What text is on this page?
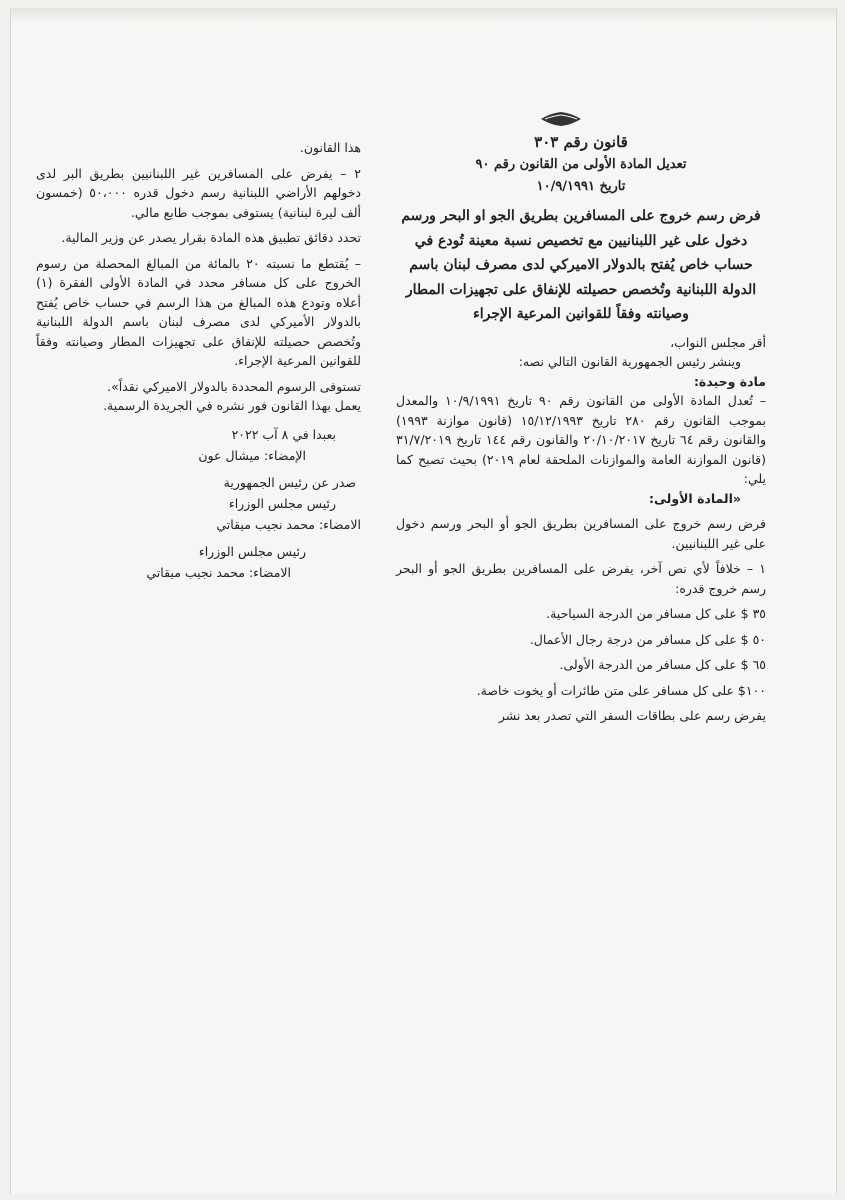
قانون رقم ٣٠٣
تعديل المادة الأولى من القانون رقم ٩٠
تاريخ ١٠/٩/١٩٩١
فرض رسم خروج على المسافرين بطريق الجو او البحر ورسم دخول على غير اللبنانيين مع تخصيص نسبة معينة تُودع في حساب خاص يُفتح بالدولار الاميركي لدى مصرف لبنان باسم الدولة اللبنانية وتُخصص حصيلته للإنفاق على تجهيزات المطار وصيانته وفقاً للقوانين المرعية الإجراء
أقر مجلس النواب،
وينشر رئيس الجمهورية القانون التالي نصه:
مادة وحيدة:
– تُعدل المادة الأولى من القانون رقم ٩٠ تاريخ ١٠/٩/١٩٩١ والمعدل بموجب القانون رقم ٢٨٠ تاريخ ١٥/١٢/١٩٩٣ (قانون موازنة ١٩٩٣) والقانون رقم ٦٤ تاريخ ٢٠/١٠/٢٠١٧ والقانون رقم ١٤٤ تاريخ ٣١/٧/٢٠١٩ (قانون الموازنة العامة والموازنات الملحقة لعام ٢٠١٩) بحيث تصبح كما يلي:
«المادة الأولى:
فرض رسم خروج على المسافرين بطريق الجو أو البحر ورسم دخول على غير اللبنانيين.
١ – خلافاً لأي نص آخر، يفرض على المسافرين بطريق الجو أو البحر رسم خروج قدره:
٣٥ $ على كل مسافر من الدرجة السياحية.
٥٠ $ على كل مسافر من درجة رجال الأعمال.
٦٥ $ على كل مسافر من الدرجة الأولى.
١٠٠$ على كل مسافر على متن طائرات أو يخوت خاصة.
يفرض رسم على بطاقات السفر التي تصدر بعد نشر
هذا القانون.
٢ – يفرض على المسافرين غير اللبنانيين بطريق البر لدى دخولهم الأراضي اللبنانية رسم دخول قدره ٥٠،٠٠٠ (خمسون ألف ليرة لبنانية) يستوفى بموجب طابع مالي.
تحدد دقائق تطبيق هذه المادة بقرار يصدر عن وزير المالية.
– يُقتطع ما نسبته ٢٠ بالمائة من المبالغ المحصلة من رسوم الخروج على كل مسافر محدد في المادة الأولى الفقرة (١) أعلاه وتودع هذه المبالغ من هذا الرسم في حساب خاص يُفتح بالدولار الأميركي لدى مصرف لبنان باسم الدولة اللبنانية وتُخصص حصيلته للإنفاق على تجهيزات المطار وصيانته وفقاً للقوانين المرعية الإجراء.
تستوفى الرسوم المحددة بالدولار الاميركي نقداً».
يعمل بهذا القانون فور نشره في الجريدة الرسمية.
بعبدا في ٨ آب ٢٠٢٢
الإمضاء: ميشال عون
صدر عن رئيس الجمهورية
رئيس مجلس الوزراء
الامضاء: محمد نجيب ميقاتي
رئيس مجلس الوزراء
الامضاء: محمد نجيب ميقاتي
